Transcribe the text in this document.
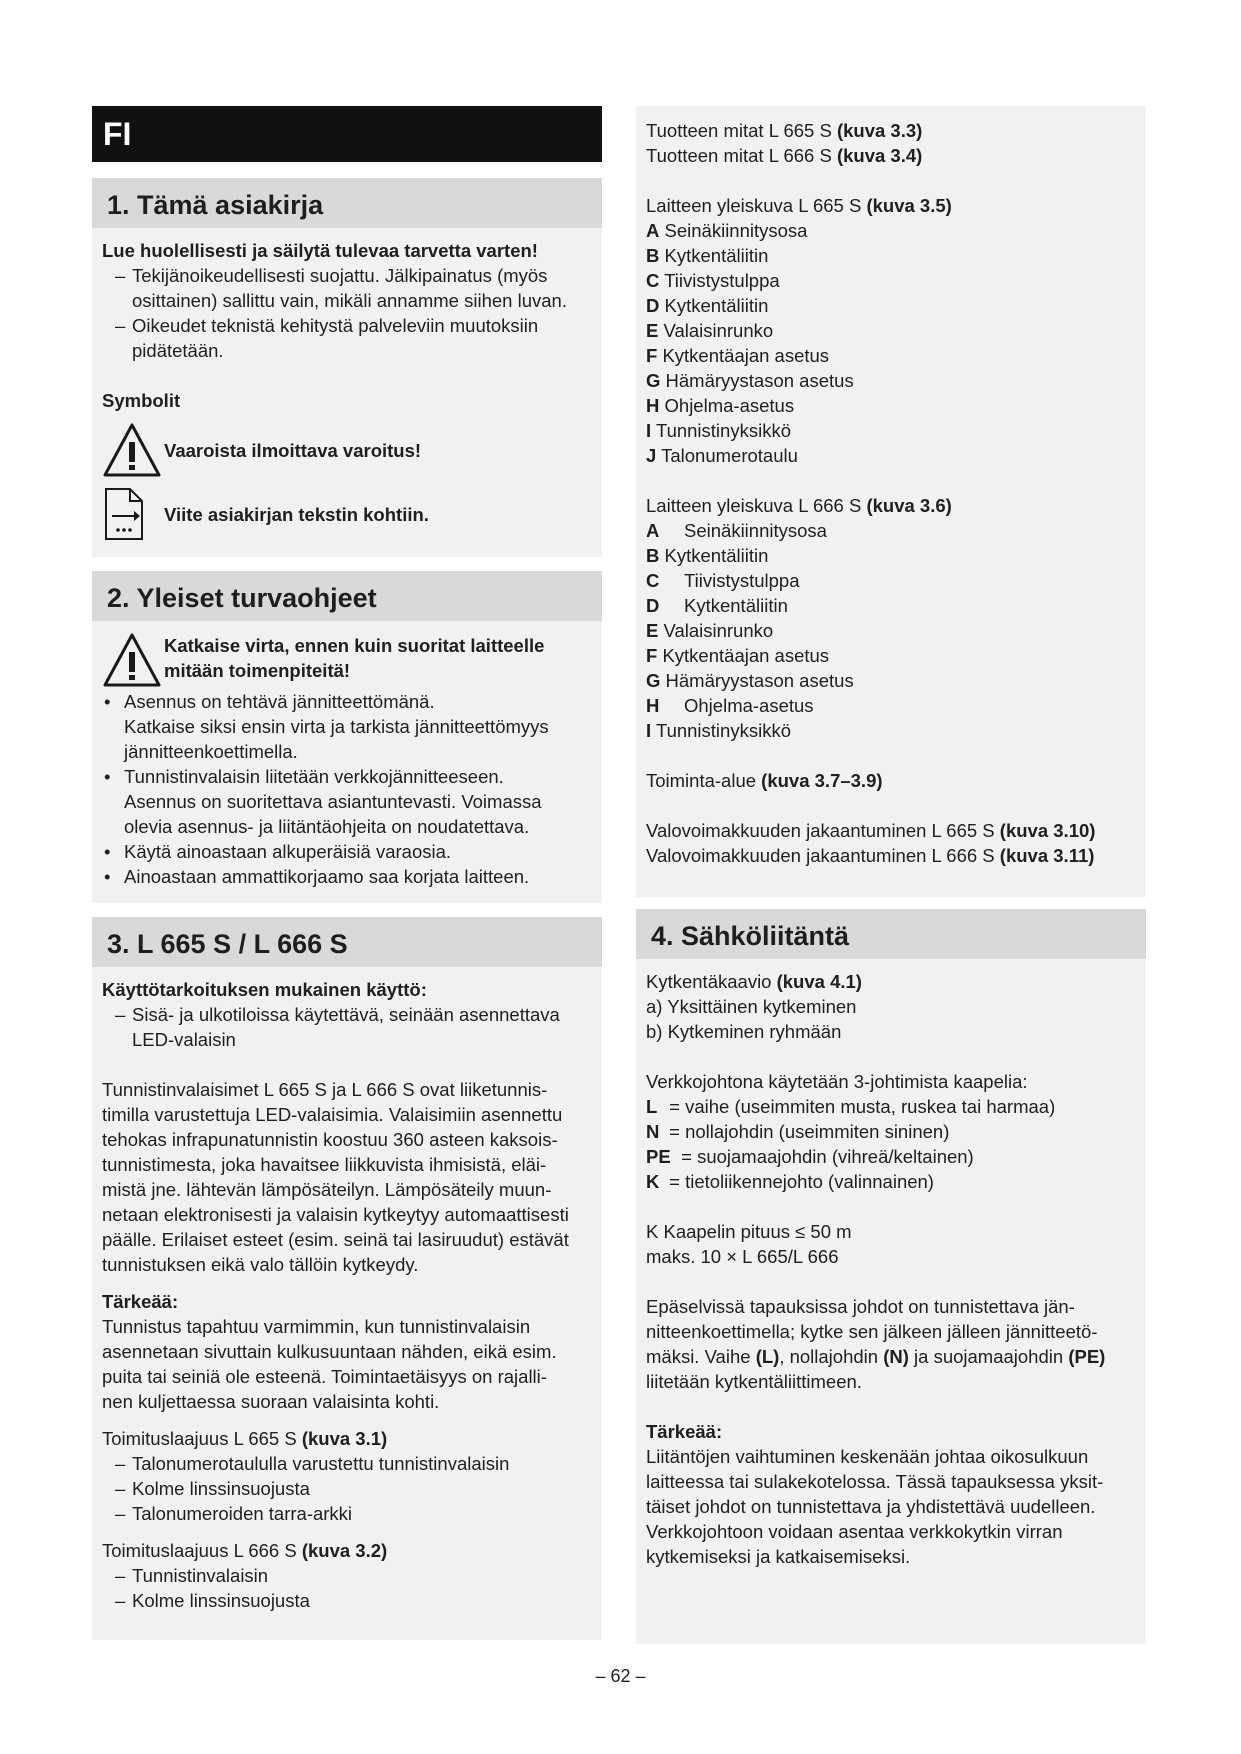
FI
1. Tämä asiakirja

Lue huolellisesti ja säilytä tulevaa tarvetta varten!

– Tekijänoikeudellisesti suojattu. Jälkipainatus (myös
osittainen) sallittu vain, mikäli annamme siihen luvan.
– Oikeudet teknistä kehitystä palveleviin muutoksiin
pidätetään.

Symbolit

Vaaroista ilmoittava varoitus!
Viite asiakirjan tekstin kohtiin.
2. Yleiset turvaohjeet
Katkaise virta, ennen kuin suoritat laitteelle
mitään toimenpiteitä!
• Asennus on tehtävä jännitteettömänä.
Katkaise siksi ensin virta ja tarkista jännitteettömyys
jännitteenkoettimella.
• Tunnistinvalaisin liitetään verkkojännitteeseen.
Asennus on suoritettava asiantuntevasti. Voimassa
olevia asennus- ja liitäntäohjeita on noudatettava.
• Käytä ainoastaan alkuperäisiä varaosia.
• Ainoastaan ammattikorjaamo saa korjata laitteen.
3. L 665 S / L 666 S

Käyttötarkoituksen mukainen käyttö:

– Sisä- ja ulkotiloissa käytettävä, seinään asennettava
LED-valaisin

Tunnistinvalaisimet L 665 S ja L 666 S ovat liiketunnis-
timilla varustettuja LED-valaisimia. Valaisimiin asennettu
tehokas infrapunatunnistin koostuu 360 asteen kaksois-
tunnistimesta, joka havaitsee liikkuvista ihmisistä, eläi-
mistä jne. lähtevän lämpösäteilyn. Lämpösäteily muun-
netaan elektronisesti ja valaisin kytkeytyy automaattisesti
päälle. Erilaiset esteet (esim. seinä tai lasiruudut) estävät
tunnistuksen eikä valo tällöin kytkeydy.

Tärkeää:

Tunnistus tapahtuu varmimmin, kun tunnistinvalaisin
asennetaan sivuttain kulkusuuntaan nähden, eikä esim.
puita tai seiniä ole esteenä. Toimintaetäisyys on rajalli-
nen kuljettaessa suoraan valaisinta kohti.

Toimituslaajuus L 665 S (kuva 3.1)

– Talonumerotaululla varustettu tunnistinvalaisin
– Kolme linssinsuojusta
– Talonumeroiden tarra-arkki

Toimituslaajuus L 666 S (kuva 3.2)

– Tunnistinvalaisin
– Kolme linssinsuojusta

Tuotteen mitat L 665 S (kuva 3.3)

Tuotteen mitat L 666 S (kuva 3.4)

Laitteen yleiskuva L 665 S (kuva 3.5)

A Seinäkiinnitysosa
B Kytkentäliitin
C Tiivistystulppa
D Kytkentäliitin
E Valaisinrunko
F Kytkentäajan asetus
G Hämäryystason asetus
H Ohjelma-asetus
I Tunnistinyksikkö
J Talonumerotaulu

Laitteen yleiskuva L 666 S (kuva 3.6)

A Seinäkiinnitysosa
B Kytkentäliitin
C Tiivistystulppa
D Kytkentäliitin
E Valaisinrunko
F Kytkentäajan asetus
G Hämäryystason asetus
H Ohjelma-asetus
I Tunnistinyksikkö

Toiminta-alue (kuva 3.7–3.9)

Valovoimakkuuden jakaantuminen L 665 S (kuva 3.10)

Valovoimakkuuden jakaantuminen L 666 S (kuva 3.11)

4. Sähköliitäntä

Kytkentäkaavio (kuva 4.1)

a) Yksittäinen kytkeminen

b) Kytkeminen ryhmään

Verkkojohtona käytetään 3-johtimista kaapelia:

L = vaihe (useimmiten musta, ruskea tai harmaa)
N = nollajohdin (useimmiten sininen)
PE = suojamaajohdin (vihreä/keltainen)
K = tietoliikennejohto (valinnainen)

K Kaapelin pituus ≤ 50 m

maks. 10 × L 665/L 666

Epäselvissä tapauksissa johdot on tunnistettava jän-
nitteenkoettimella; kytke sen jälkeen jälleen jännitteetö-
mäksi. Vaihe (L), nollajohdin (N) ja suojamaajohdin (PE)
liitetään kytkentäliittimeen.

Tärkeää:

Liitäntöjen vaihtuminen keskenään johtaa oikosulkuun
laitteessa tai sulakekotelossa. Tässä tapauksessa yksit-
täiset johdot on tunnistettava ja yhdistettävä uudelleen.
Verkkojohtoon voidaan asentaa verkkokytkin virran
kytkemiseksi ja katkaisemiseksi.

– 62 –
